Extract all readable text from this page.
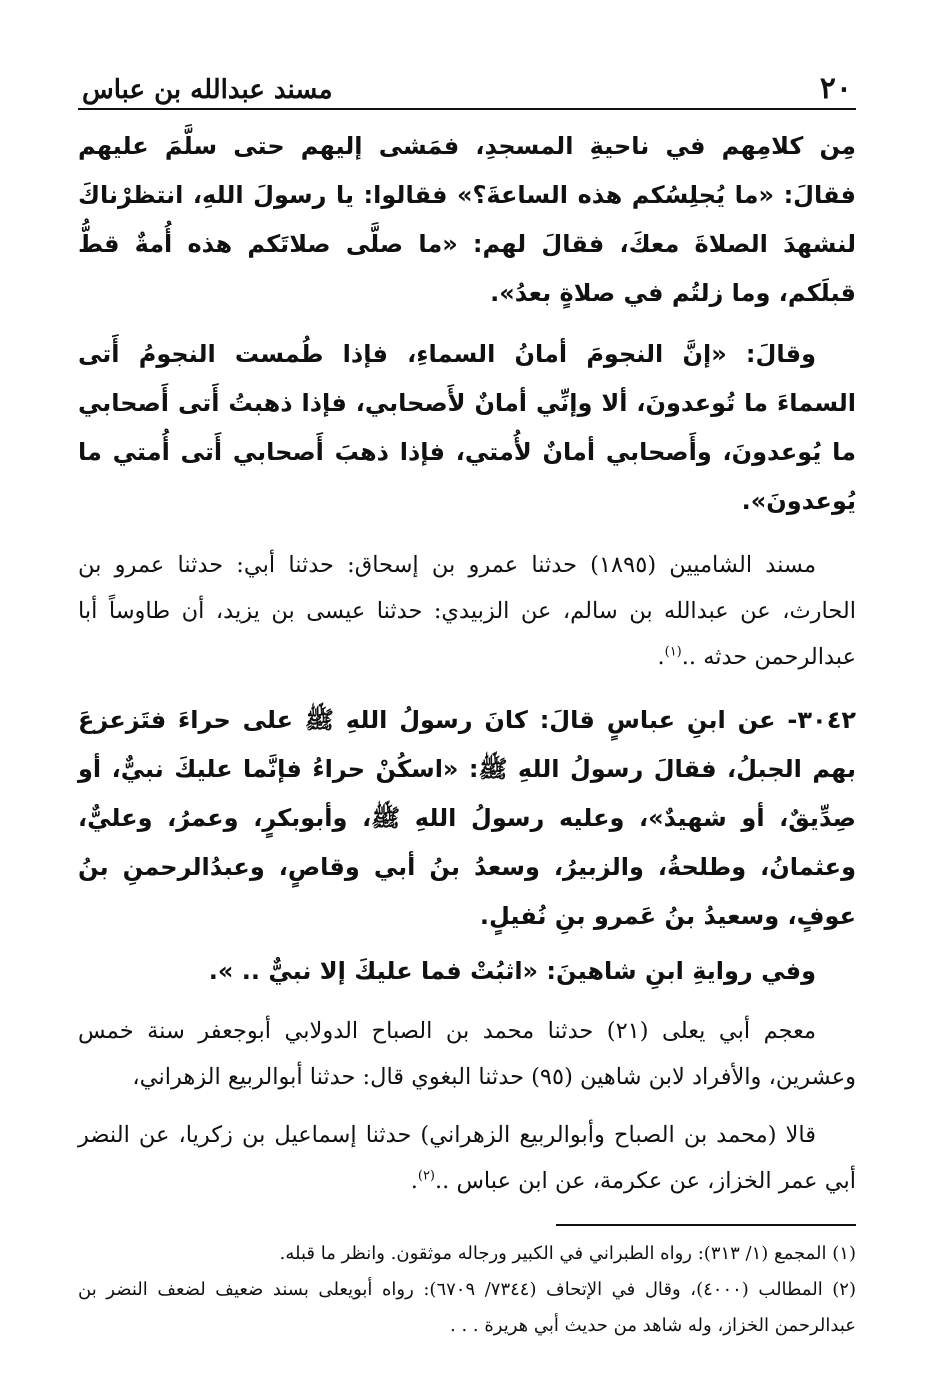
٢٠
مسند عبدالله بن عباس

مِن كلامِهم في ناحيةِ المسجدِ، فمَشى إليهم حتى سلَّمَ عليهم فقالَ: «ما يُجلِسُكم هذه الساعةَ؟» فقالوا: يا رسولَ اللهِ، انتظرْناكَ لنشهدَ الصلاةَ معكَ، فقالَ لهم: «ما صلَّى صلاتَكم هذه أُمةٌ قطُّ قبلَكم، وما زلتُم في صلاةٍ بعدُ».

وقالَ: «إنَّ النجومَ أمانُ السماءِ، فإذا طُمست النجومُ أَتى السماءَ ما تُوعدونَ، ألا وإنِّي أمانٌ لأَصحابي، فإذا ذهبتُ أَتى أَصحابي ما يُوعدونَ، وأَصحابي أمانٌ لأُمتي، فإذا ذهبَ أَصحابي أَتى أُمتي ما يُوعدونَ».

مسند الشاميين (١٨٩٥) حدثنا عمرو بن إسحاق: حدثنا أبي: حدثنا عمرو بن الحارث، عن عبدالله بن سالم، عن الزبيدي: حدثنا عيسى بن يزيد، أن طاوساً أبا عبدالرحمن حدثه ..$^{(١)}$.

٣٠٤٢- عن ابنِ عباسٍ قالَ: كانَ رسولُ اللهِ ﷺ على حراءَ فتَزعزعَ بهم الجبلُ، فقالَ رسولُ اللهِ ﷺ: «اسكُنْ حراءُ فإنَّما عليكَ نبيٌّ، أو صِدِّيقٌ، أو شهيدٌ»، وعليه رسولُ اللهِ ﷺ، وأبوبكرٍ، وعمرُ، وعليٌّ، وعثمانُ، وطلحةُ، والزبيرُ، وسعدُ بنُ أبي وقاصٍ، وعبدُالرحمنِ بنُ عوفٍ، وسعيدُ بنُ عَمرو بنِ نُفيلٍ.

وفي روايةِ ابنِ شاهينَ: «اثبُتْ فما عليكَ إلا نبيٌّ .. ».

معجم أبي يعلى (٢١) حدثنا محمد بن الصباح الدولابي أبوجعفر سنة خمس وعشرين، والأفراد لابن شاهين (٩٥) حدثنا البغوي قال: حدثنا أبوالربيع الزهراني،

قالا (محمد بن الصباح وأبوالربيع الزهراني) حدثنا إسماعيل بن زكريا، عن النضر أبي عمر الخزاز، عن عكرمة، عن ابن عباس ..$^{(٢)}$.

(١) المجمع (١/ ٣١٣): رواه الطبراني في الكبير ورجاله موثقون. وانظر ما قبله.

(٢) المطالب (٤٠٠٠)، وقال في الإتحاف (٧٣٤٤/ ٦٧٠٩): رواه أبويعلى بسند ضعيف لضعف النضر بن عبدالرحمن الخزاز، وله شاهد من حديث أبي هريرة . . .
